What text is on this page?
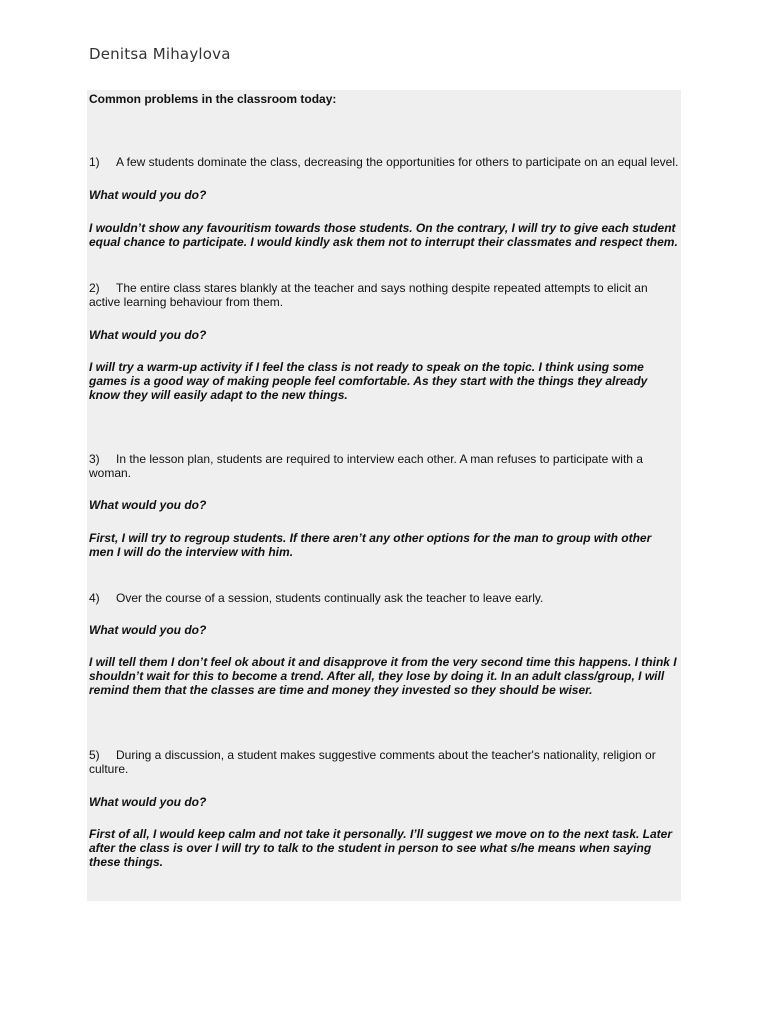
Denitsa Mihaylova

Common problems in the classroom today:

1) A few students dominate the class, decreasing the opportunities for others to participate on an equal level.

What would you do?

I wouldn’t show any favouritism towards those students. On the contrary, I will try to give each student equal chance to participate. I would kindly ask them not to interrupt their classmates and respect them.

2) The entire class stares blankly at the teacher and says nothing despite repeated attempts to elicit an active learning behaviour from them.

What would you do?

I will try a warm-up activity if I feel the class is not ready to speak on the topic. I think using some games is a good way of making people feel comfortable. As they start with the things they already know they will easily adapt to the new things.

3) In the lesson plan, students are required to interview each other. A man refuses to participate with a woman.

What would you do?

First, I will try to regroup students. If there aren’t any other options for the man to group with other men I will do the interview with him.

4) Over the course of a session, students continually ask the teacher to leave early.

What would you do?

I will tell them I don’t feel ok about it and disapprove it from the very second time this happens. I think I shouldn’t wait for this to become a trend. After all, they lose by doing it. In an adult class/group, I will remind them that the classes are time and money they invested so they should be wiser.

5) During a discussion, a student makes suggestive comments about the teacher's nationality, religion or culture.

What would you do?

First of all, I would keep calm and not take it personally. I’ll suggest we move on to the next task. Later after the class is over I will try to talk to the student in person to see what s/he means when saying these things.
